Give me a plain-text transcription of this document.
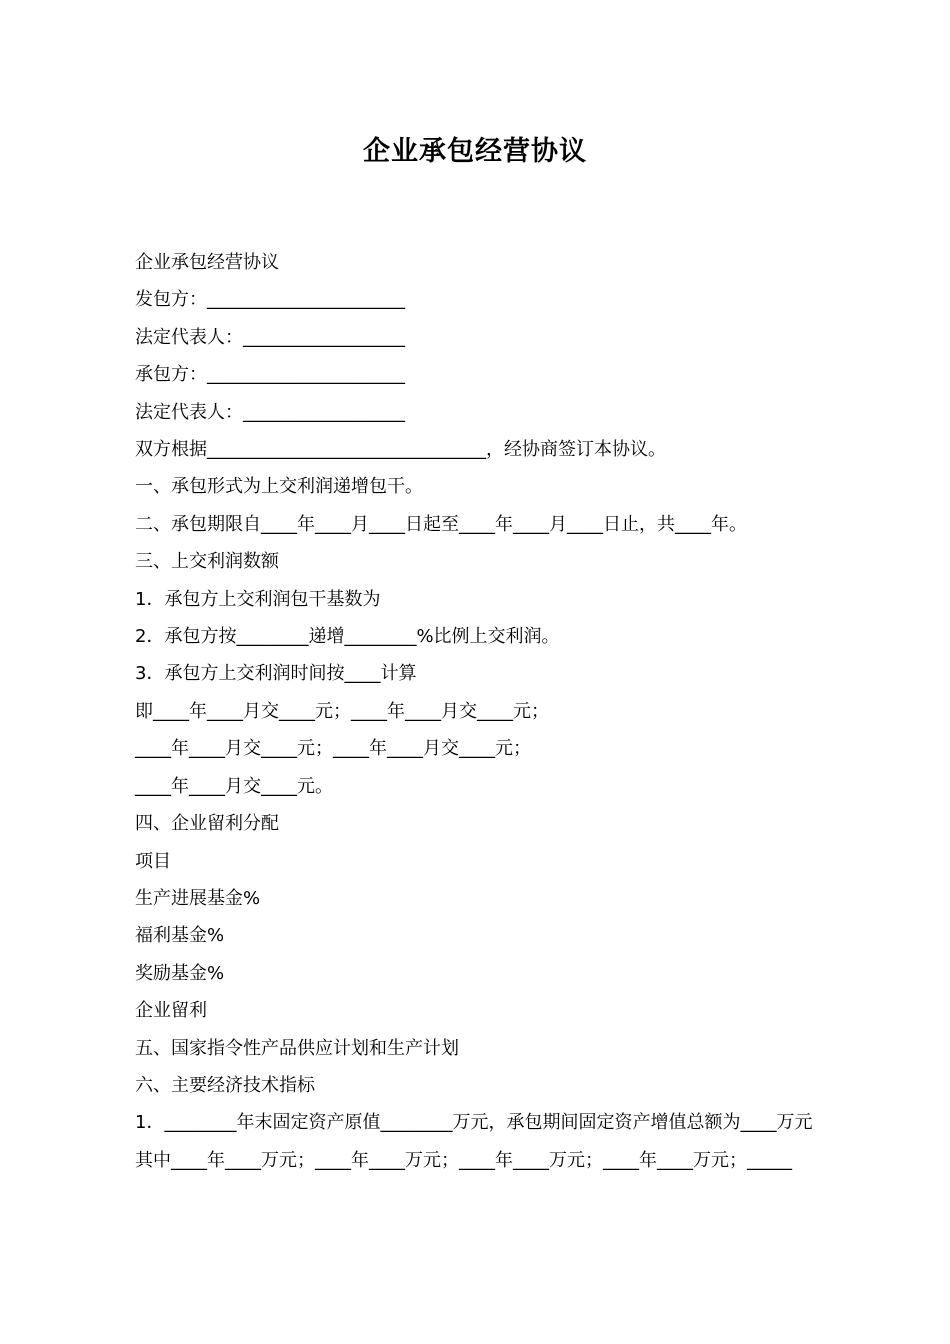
企业承包经营协议
企业承包经营协议
发包方：______________________
法定代表人：__________________
承包方：______________________
法定代表人：__________________
双方根据_______________________________，经协商签订本协议。
一、承包形式为上交利润递增包干。
二、承包期限自____年____月____日起至____年____月____日止，共____年。
三、上交利润数额
1．承包方上交利润包干基数为
2．承包方按________递增________%比例上交利润。
3．承包方上交利润时间按____计算
即____年____月交____元；____年____月交____元；
____年____月交____元；____年____月交____元；
____年____月交____元。
四、企业留利分配
项目
生产进展基金%
福利基金%
奖励基金%
企业留利
五、国家指令性产品供应计划和生产计划
六、主要经济技术指标
1．________年末固定资产原值________万元，承包期间固定资产增值总额为____万元
其中____年____万元；____年____万元；____年____万元；____年____万元；_____
